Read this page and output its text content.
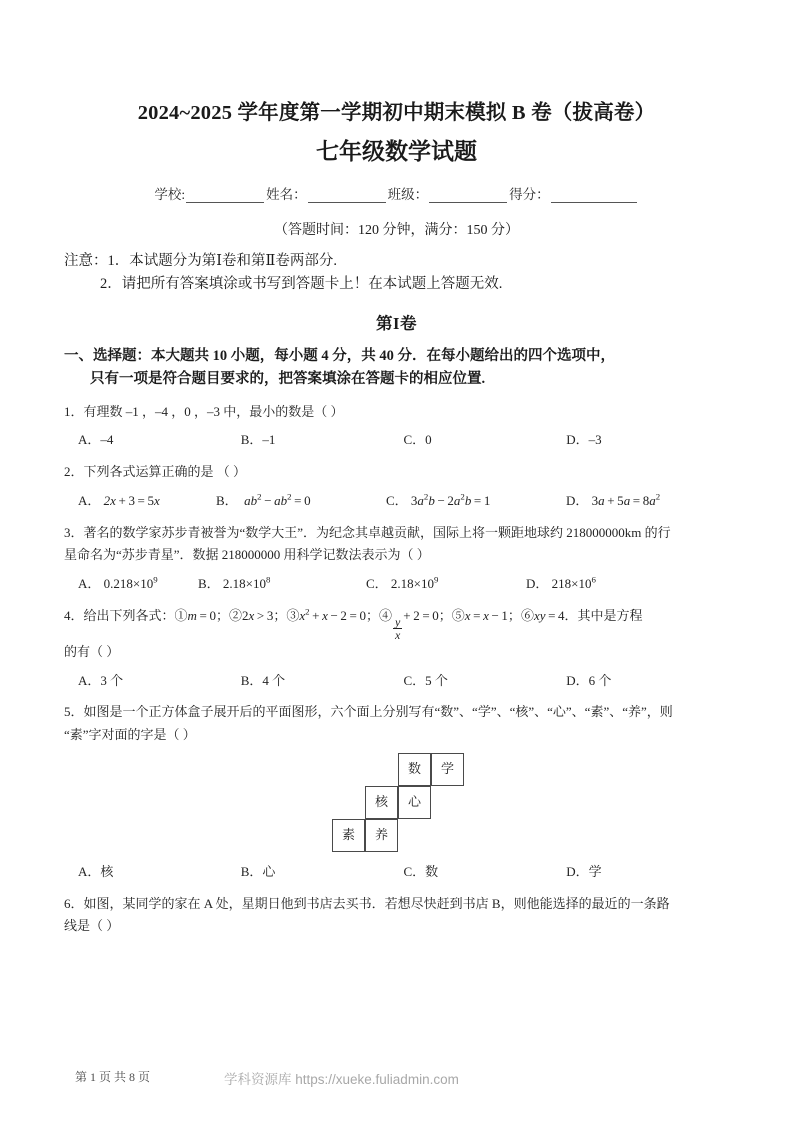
2024~2025 学年度第一学期初中期末模拟 B 卷（拔高卷）
七年级数学试题
学校:	姓名：	班级：	得分：
（答题时间：120 分钟，满分：150 分）
注意： 1．本试题分为第Ⅰ卷和第Ⅱ卷两部分.
2．请把所有答案填涂或书写到答题卡上！在本试题上答题无效.
第I卷
一、选择题：本大题共 10 小题，每小题 4 分，共 40 分．在每小题给出的四个选项中，
只有一项是符合题目要求的，把答案填涂在答题卡的相应位置.
1．有理数 –1 ，–4 ，0 ，–3 中，最小的数是（ ）
A．–4	B．–1	C．0	D．–3
2．下列各式运算正确的是 （ ）
A． 2x + 3 = 5x	B． $ab^2 - ab^2 = 0$	C． $3a^2b - 2a^2b = 1$	D． $3a + 5a = 8a^2$
3．著名的数学家苏步青被誉为“数学大王”．为纪念其卓越贡献，国际上将一颗距地球约 218000000km 的行
星命名为“苏步青星”．数据 218000000 用科学记数法表示为（ ）
A． $0.218\times 10^9$	B． $2.18\times 10^8$	C． $2.18\times 10^9$	D． $218\times 10^6$
4．给出下列各式：①m = 0；②2x > 3；$③x^2 + x - 2 = 0$；④
$\frac{y}{x}$
+ 2 = 0；⑤x = x − 1；⑥xy = 4．其中是方程
的有（ ）
A．3 个	B．4 个	C．5 个	D．6 个
5．如图是一个正方体盒子展开后的平面图形，六个面上分别写有“数”、“学”、“核”、“心”、“素”、“养”，则
“素”字对面的字是（ ）
数	学
核	心
素	养
A．核	B．心	C．数	D．学
6．如图，某同学的家在 A 处，星期日他到书店去买书．若想尽快赶到书店 B，则他能选择的最近的一条路
线是（ ）
第 1 页 共 8 页	学科资源库 https://xueke.fuliadmin.com
